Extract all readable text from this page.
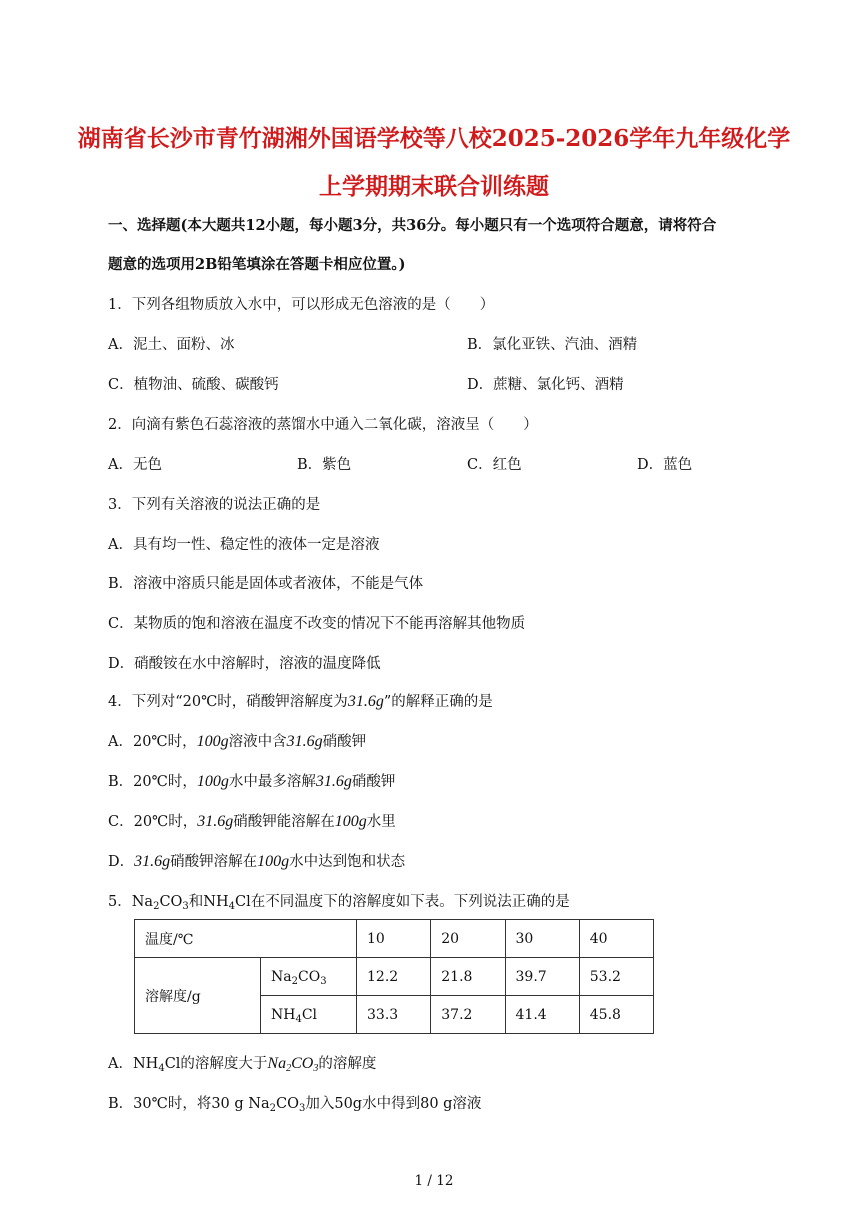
湖南省长沙市青竹湖湘外国语学校等八校2025-2026学年九年级化学
上学期期末联合训练题
一、选择题(本大题共12小题，每小题3分，共36分。每小题只有一个选项符合题意，请将符合
题意的选项用2B铅笔填涂在答题卡相应位置。)
1．下列各组物质放入水中，可以形成无色溶液的是（　　）
A．泥土、面粉、冰	B．氯化亚铁、汽油、酒精
C．植物油、硫酸、碳酸钙	D．蔗糖、氯化钙、酒精
2．向滴有紫色石蕊溶液的蒸馏水中通入二氧化碳，溶液呈（　　）
A．无色	B．紫色	C．红色	D．蓝色
3．下列有关溶液的说法正确的是
A．具有均一性、稳定性的液体一定是溶液
B．溶液中溶质只能是固体或者液体，不能是气体
C．某物质的饱和溶液在温度不改变的情况下不能再溶解其他物质
D．硝酸铵在水中溶解时，溶液的温度降低
4．下列对“20℃时，硝酸钾溶解度为31.6g”的解释正确的是
A．20℃时，100g溶液中含31.6g硝酸钾
B．20℃时，100g水中最多溶解31.6g硝酸钾
C．20℃时，31.6g硝酸钾能溶解在100g水里
D．31.6g硝酸钾溶解在100g水中达到饱和状态
5．$Na_2CO_3$和$NH_4Cl$在不同温度下的溶解度如下表。下列说法正确的是
温度/℃		10	20	30	40
溶解度/g	$Na_2CO_3$	12.2	21.8	39.7	53.2
	$NH_4Cl$	33.3	37.2	41.4	45.8
A．$NH_4Cl$的溶解度大于$Na_2CO_3$的溶解度
B．30℃时，将30 g $Na_2CO_3$加入50g水中得到80 g溶液
1 / 12
